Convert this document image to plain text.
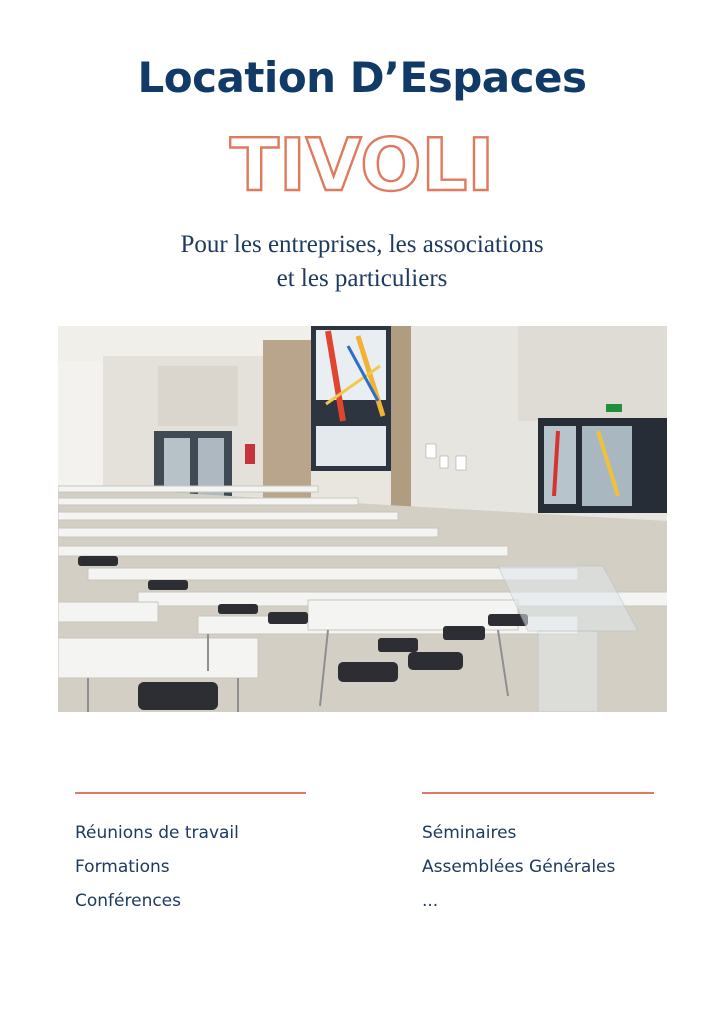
Location D’Espaces
TIVOLI
Pour les entreprises, les associations
et les particuliers
Réunions de travail
Formations
Conférences
Séminaires
Assemblées Générales
...
